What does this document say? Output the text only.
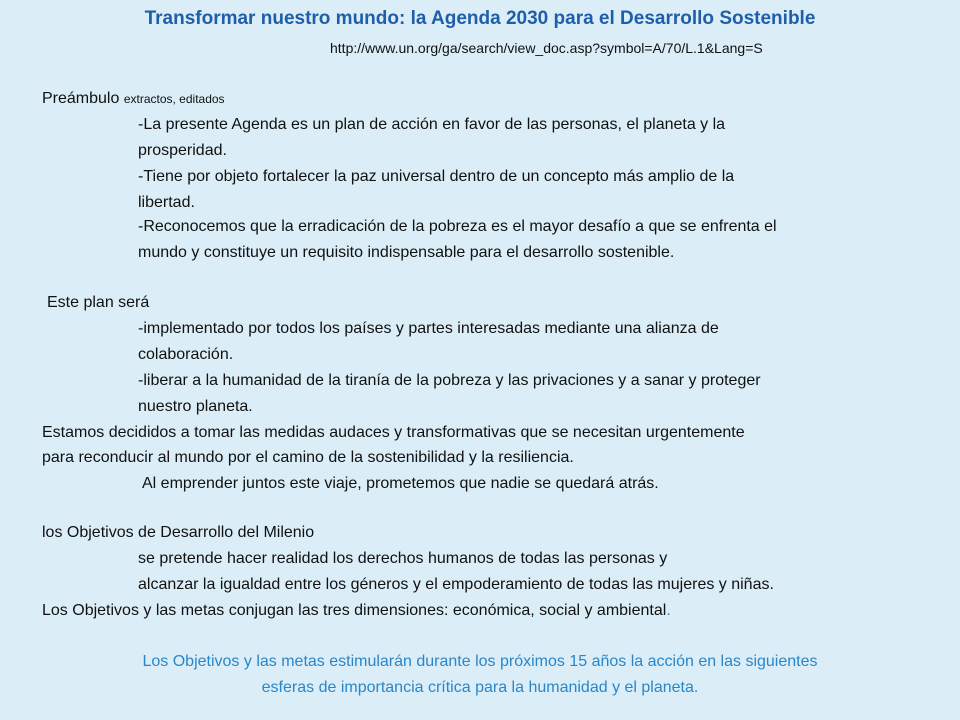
Transformar nuestro mundo: la Agenda 2030 para el Desarrollo Sostenible
http://www.un.org/ga/search/view_doc.asp?symbol=A/70/L.1&Lang=S
Preámbulo extractos, editados
-La presente Agenda es un plan de acción en favor de las personas, el planeta y la
prosperidad.
-Tiene por objeto fortalecer la paz universal dentro de un concepto más amplio de la
libertad.
-Reconocemos que la erradicación de la pobreza es el mayor desafío a que se enfrenta el
mundo y constituye un requisito indispensable para el desarrollo sostenible.
Este plan será
-implementado por todos los países y partes interesadas mediante una alianza de
colaboración.
-liberar a la humanidad de la tiranía de la pobreza y las privaciones y a sanar y proteger
nuestro planeta.
Estamos decididos a tomar las medidas audaces y transformativas que se necesitan urgentemente
para reconducir al mundo por el camino de la sostenibilidad y la resiliencia.
Al emprender juntos este viaje, prometemos que nadie se quedará atrás.
los Objetivos de Desarrollo del Milenio
se pretende hacer realidad los derechos humanos de todas las personas y
alcanzar la igualdad entre los géneros y el empoderamiento de todas las mujeres y niñas.
Los Objetivos y las metas conjugan las tres dimensiones: económica, social y ambiental.
Los Objetivos y las metas estimularán durante los próximos 15 años la acción en las siguientes
esferas de importancia crítica para la humanidad y el planeta.
